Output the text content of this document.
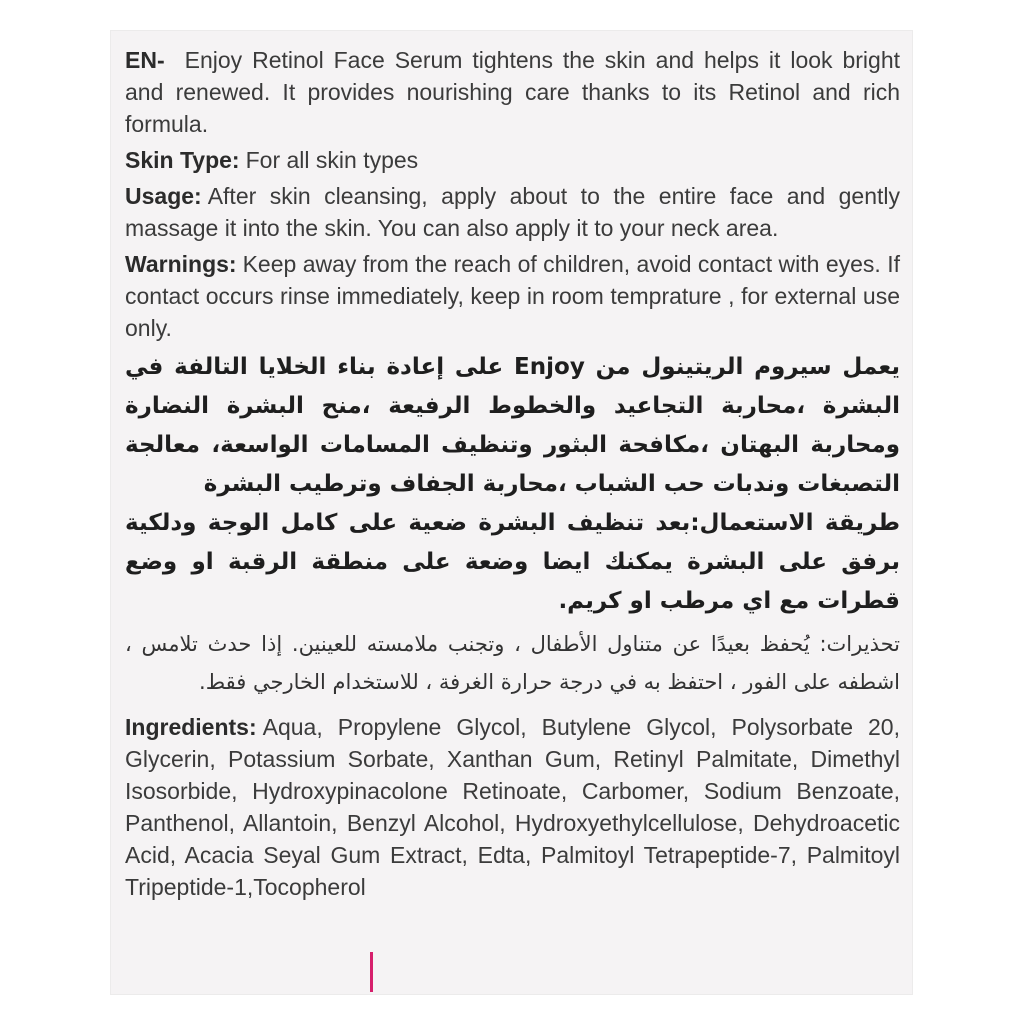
EN- Enjoy Retinol Face Serum tightens the skin and helps it look bright and renewed. It provides nourishing care thanks to its Retinol and rich formula.

Skin Type: For all skin types

Usage: After skin cleansing, apply about to the entire face and gently massage it into the skin. You can also apply it to your neck area.

Warnings: Keep away from the reach of children, avoid contact with eyes. If contact occurs rinse immediately, keep in room temprature , for external use only.

يعمل سيروم الريتينول من Enjoy على إعادة بناء الخلايا التالفة في البشرة ،محاربة التجاعيد والخطوط الرفيعة ،منح البشرة النضارة ومحاربة البهتان ،مكافحة البثور وتنظيف المسامات الواسعة، معالجة التصبغات وندبات حب الشباب ،محاربة الجفاف وترطيب البشرة

طريقة الاستعمال:بعد تنظيف البشرة ضعية على كامل الوجة ودلكية برفق على البشرة يمكنك ايضا وضعة على منطقة الرقبة او وضع قطرات مع اي مرطب او كريم.

تحذيرات: يُحفظ بعيدًا عن متناول الأطفال ، وتجنب ملامسته للعينين. إذا حدث تلامس ، اشطفه على الفور ، احتفظ به في درجة حرارة الغرفة ، للاستخدام الخارجي فقط.

Ingredients: Aqua, Propylene Glycol, Butylene Glycol, Polysorbate 20, Glycerin, Potassium Sorbate, Xanthan Gum, Retinyl Palmitate, Dimethyl Isosorbide, Hydroxypinacolone Retinoate, Carbomer, Sodium Benzoate, Panthenol, Allantoin, Benzyl Alcohol, Hydroxyethylcellulose, Dehydroacetic Acid, Acacia Seyal Gum Extract, Edta, Palmitoyl Tetrapeptide-7, Palmitoyl Tripeptide-1,Tocopherol
